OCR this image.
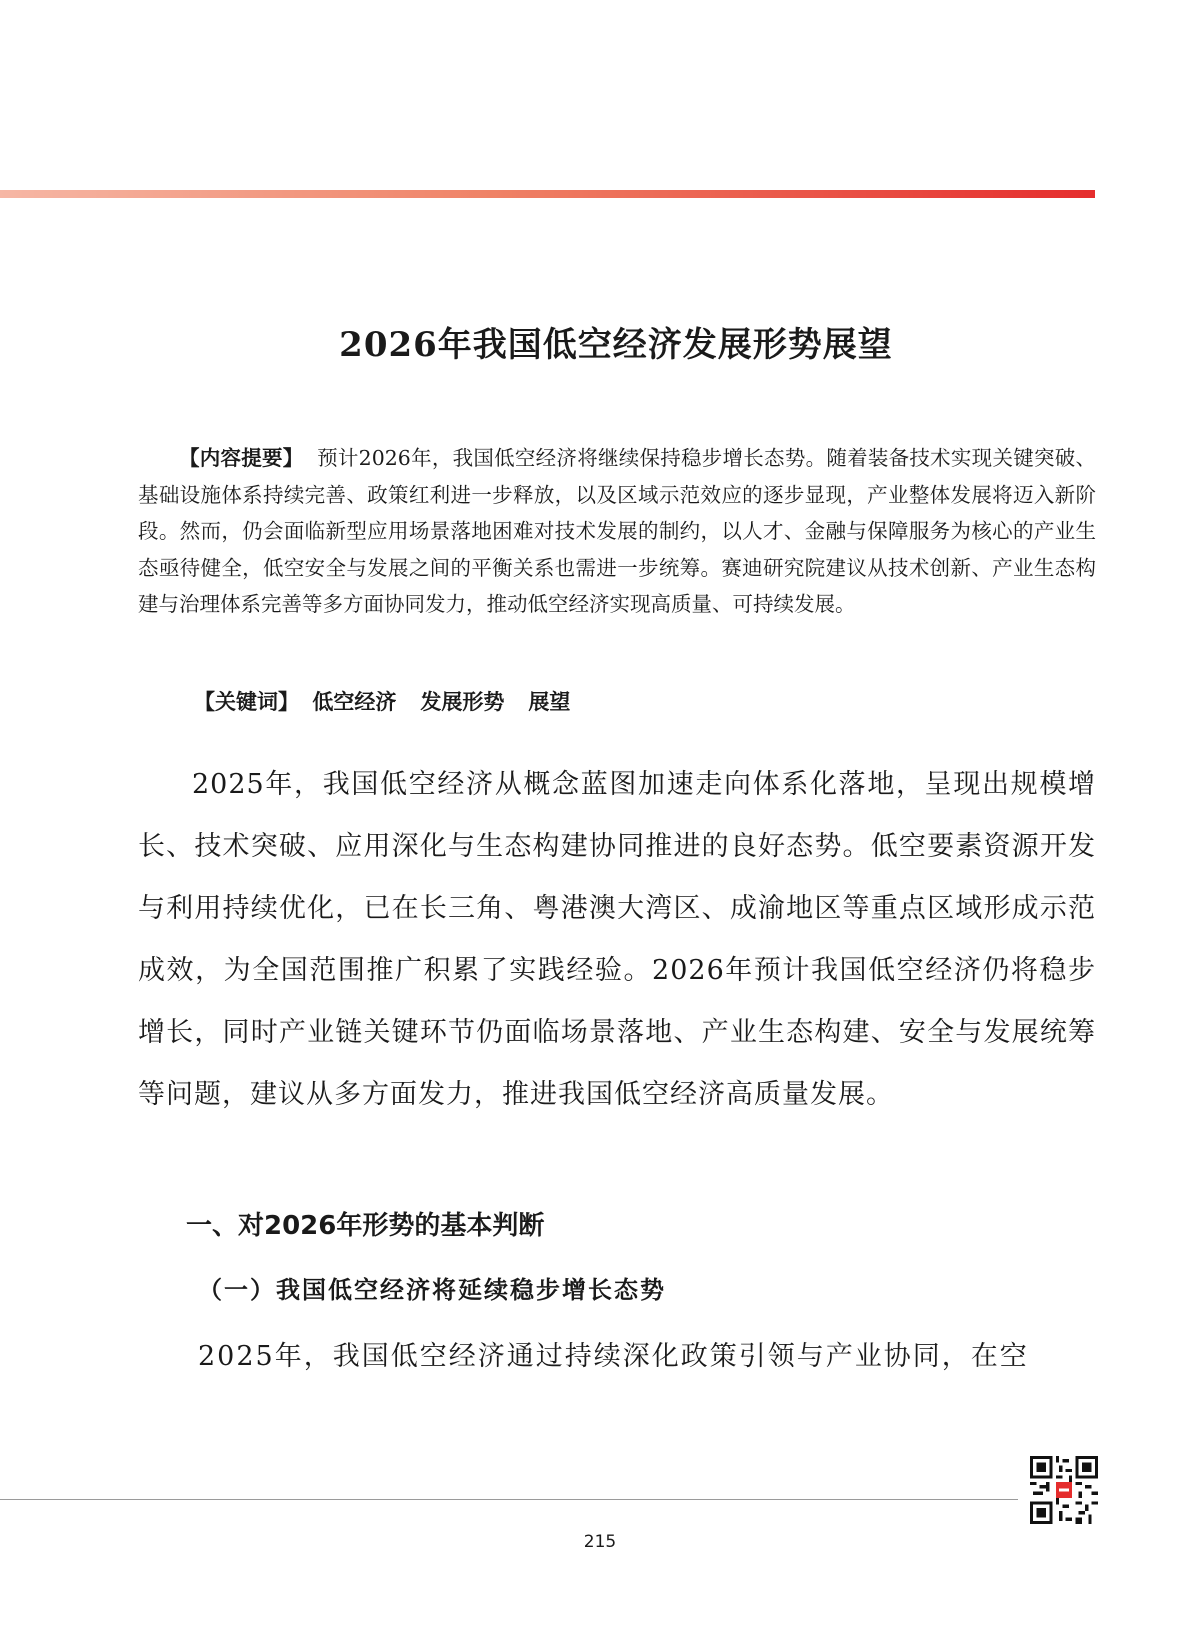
2026年我国低空经济发展形势展望

【内容提要】 预计2026年，我国低空经济将继续保持稳步增长态势。随着装备技术实现关键突破、基础设施体系持续完善、政策红利进一步释放，以及区域示范效应的逐步显现，产业整体发展将迈入新阶段。然而，仍会面临新型应用场景落地困难对技术发展的制约，以人才、金融与保障服务为核心的产业生态亟待健全，低空安全与发展之间的平衡关系也需进一步统筹。赛迪研究院建议从技术创新、产业生态构建与治理体系完善等多方面协同发力，推动低空经济实现高质量、可持续发展。

【关键词】 低空经济 发展形势 展望

2025年，我国低空经济从概念蓝图加速走向体系化落地，呈现出规模增长、技术突破、应用深化与生态构建协同推进的良好态势。低空要素资源开发与利用持续优化，已在长三角、粤港澳大湾区、成渝地区等重点区域形成示范成效，为全国范围推广积累了实践经验。2026年预计我国低空经济仍将稳步增长，同时产业链关键环节仍面临场景落地、产业生态构建、安全与发展统筹等问题，建议从多方面发力，推进我国低空经济高质量发展。

一、对2026年形势的基本判断
（一）我国低空经济将延续稳步增长态势

2025年，我国低空经济通过持续深化政策引领与产业协同，在空

215
